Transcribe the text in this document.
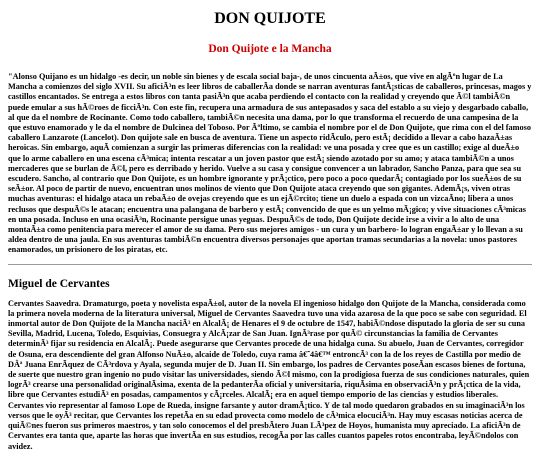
DON QUIJOTE
Don Quijote e la Mancha

"Alonso Quijano es un hidalgo -es decir, un noble sin bienes y de escala social baja-, de unos cincuenta aÃ±os, que vive en algÃºn lugar de La Mancha a comienzos del siglo XVII. Su aficiÃ³n es leer libros de caballerÃa donde se narran aventuras fantÃ¡sticas de caballeros, princesas, magos y castillos encantados. Se entrega a estos libros con tanta pasiÃ³n que acaba perdiendo el contacto con la realidad y creyendo que Ã©l tambiÃ©n puede emular a sus hÃ©roes de ficciÃ³n. Con este fin, recupera una armadura de sus antepasados y saca del establo a su viejo y desgarbado caballo, al que da el nombre de Rocinante. Como todo caballero, tambiÃ©n necesita una dama, por lo que transforma el recuerdo de una campesina de la que estuvo enamorado y le da el nombre de Dulcinea del Toboso. Por Ãºltimo, se cambia el nombre por el de Don Quijote, que rima con el del famoso caballero Lanzarote (Lancelot). Don quijote sale en busca de aventura. Tiene un aspecto ridÃculo, pero estÃ¡ decidido a llevar a cabo hazaÃ±as heroicas. Sin embargo, aquÃ comienzan a surgir las primeras diferencias con la realidad: ve una posada y cree que es un castillo; exige al dueÃ±o que lo arme caballero en una escena cÃ³mica; intenta rescatar a un joven pastor que estÃ¡ siendo azotado por su amo; y ataca tambiÃ©n a unos mercaderes que se burlan de Ã©l, pero es derribado y herido. Vuelve a su casa y consigue convencer a un labrador, Sancho Panza, para que sea su escudero. Sancho, al contrario que Don Quijote, es un hombre ignorante y prÃ¡ctico, pero poco a poco quedarÃ¡ contagiado por los sueÃ±os de su seÃ±or. Al poco de partir de nuevo, encuentran unos molinos de viento que Don Quijote ataca creyendo que son gigantes. AdemÃ¡s, viven otras muchas aventuras: el hidalgo ataca un rebaÃ±o de ovejas creyendo que es un ejÃ©rcito; tiene un duelo a espada con un vizcaÃno; libera a unos reclusos que despuÃ©s le atacan; encuentra una palangana de barbero y estÃ¡ convencido de que es un yelmo mÃ¡gico; y vive situaciones cÃ³micas en una posada. Incluso en una ocasiÃ³n, Rocinante persigue unas yeguas. DespuÃ©s de todo, Don Quijote decide irse a vivir a lo alto de una montaÃ±a como penitencia para merecer el amor de su dama. Pero sus mejores amigos - un cura y un barbero- lo logran engaÃ±ar y lo llevan a su aldea dentro de una jaula. En sus aventuras tambiÃ©n encuentra diversos personajes que aportan tramas secundarias a la novela: unos pastores enamorados, un prisionero de los piratas, etc.

Miguel de Cervantes

Cervantes Saavedra. Dramaturgo, poeta y novelista espaÃ±ol, autor de la novela El ingenioso hidalgo don Quijote de la Mancha, considerada como la primera novela moderna de la literatura universal, Miguel de Cervantes Saavedra tuvo una vida azarosa de la que poco se sabe con seguridad. El inmortal autor de Don Quijote de la Mancha naciÃ³ en AlcalÃ¡ de Henares el 9 de octubre de 1547, habiÃ©ndose disputado la gloria de ser su cuna Sevilla, Madrid, Lucena, Toledo, Esquivias, Consuegra y AlcÃ¡zar de San Juan. IgnÃ³rase por quÃ© circunstancias la familia de Cervantes determinÃ³ fijar su residencia en AlcalÃ¡. Puede asegurarse que Cervantes procede de una hidalga cuna. Su abuelo, Juan de Cervantes, corregidor de Osuna, era descendiente del gran Alfonso NuÃ±o, alcaide de Toledo, cuya rama â€˜4â€™ entroncÃ³ con la de los reyes de Castilla por medio de DÂª Juana EnrÃquez de CÃ³rdova y Ayala, segunda mujer de D. Juan II. Sin embargo, los padres de Cervantes poseÃan escasos bienes de fortuna, de suerte que nuestro gran ingenio no pudo visitar las universidades, siendo Ã©l mismo, con la prodigiosa fuerza de sus condiciones naturales, quien logrÃ³ crearse una personalidad originalÃsima, exenta de la pedanterÃa oficial y universitaria, riquÃsima en observaciÃ³n y prÃ¡ctica de la vida, libre que Cervantes estudiÃ³ en posadas, campamentos y cÃ¡rceles. AlcalÃ¡ era en aquel tiempo emporio de las ciencias y estudios liberales. Cervantes vio representar al famoso Lope de Rueda, insigne farsante y autor dramÃ¡tico. Y de tal modo quedaron grabados en su imaginaciÃ³n los versos que le oyÃ³ recitar, que Cervantes los repetÃa en su edad provecta como modelo de cÃ³mica elocuciÃ³n. Hay muy escasas noticias acerca de quiÃ©nes fueron sus primeros maestros, y tan solo conocemos el del presbÃtero Juan LÃ³pez de Hoyos, humanista muy apreciado. La aficiÃ³n de Cervantes era tanta que, aparte las horas que invertÃa en sus estudios, recogÃa por las calles cuantos papeles rotos encontraba, leyÃ©ndolos con avidez.
